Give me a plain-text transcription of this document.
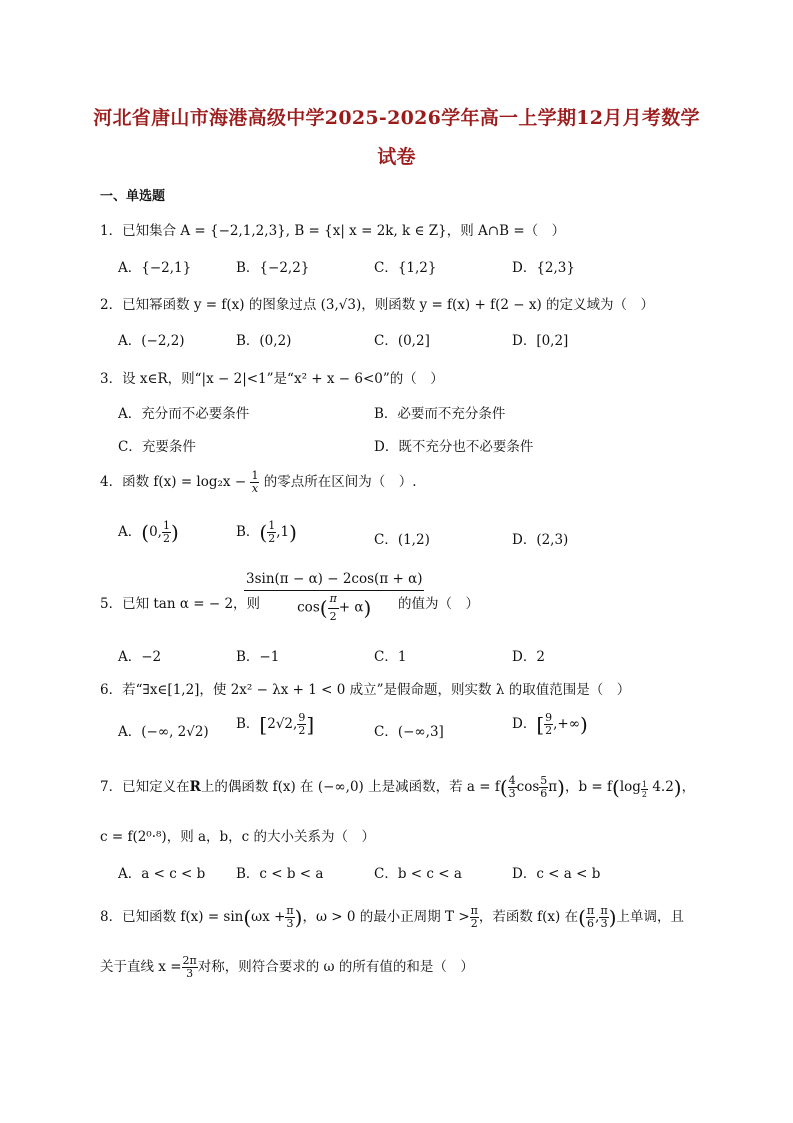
河北省唐山市海港高级中学2025-2026学年高一上学期12月月考数学
试卷
一、单选题
1．已知集合 A = {−2,1,2,3}, B = {x| x = 2k, k ∈ Z}，则 A∩B =（　）
A．{−2,1}	B．{−2,2}	C．{1,2}	D．{2,3}
2．已知幂函数 y = f(x) 的图象过点 (3,√3)，则函数 y = f(x) + f(2 − x) 的定义域为（　）
A．(−2,2)	B．(0,2)	C．(0,2]	D．[0,2]
3．设 x∈R，则“|x − 2|<1”是“x² + x − 6<0”的（　）
A．充分而不必要条件	B．必要而不充分条件
C．充要条件	D．既不充分也不必要条件
4．函数 $f(x) = \log_2x - \frac{1}{x}$ 的零点所在区间为（　）.
A．(0, $\frac{1}{2}$ )	B．( $\frac{1}{2} ,1$)	C．(1,2)	D．(2,3)
5．已知 tan α = − 2，则
3sin(π − α) − 2cos(π + α)
$\cos( \frac{\pi}{2} + \alpha)$	的值为（　）
A．−2	B．−1	C．1	D．2
6．若“∃x∈[1,2]，使 2x² − λx + 1 < 0 成立”是假命题，则实数 λ 的取值范围是（　）
A．(−∞, 2√2) B．[2√2, $\frac{9}{2}$ ]	C．(−∞,3]	D．[ $\frac{9}{2}$ ,+∞)
7．已知定义在R上的偶函数 f(x) 在 (−∞,0) 上是减函数，若 $a = f( \frac{4}{3}$ $\cos \frac{5}{6} \pi$)，$b = f(\log \frac{1}{2} 4.2)$，
c = f(2⁰·⁸)，则 a，b，c 的大小关系为（　）
A．a < c < b B．c < b < a	C．b < c < a	D．c < a < b
8．已知函数 $f(x) = \sin(\omega x + \frac{\pi}{3}$ )，ω > 0 的最小正周期 $T > \frac{\pi}{2}$ ，若函数 f(x) 在( $\frac{\pi}{6}$ , $\frac{\pi}{3}$ )上单调，且
关于直线 $x = \frac{2\pi}{3}$ 对称，则符合要求的 ω 的所有值的和是（　）
